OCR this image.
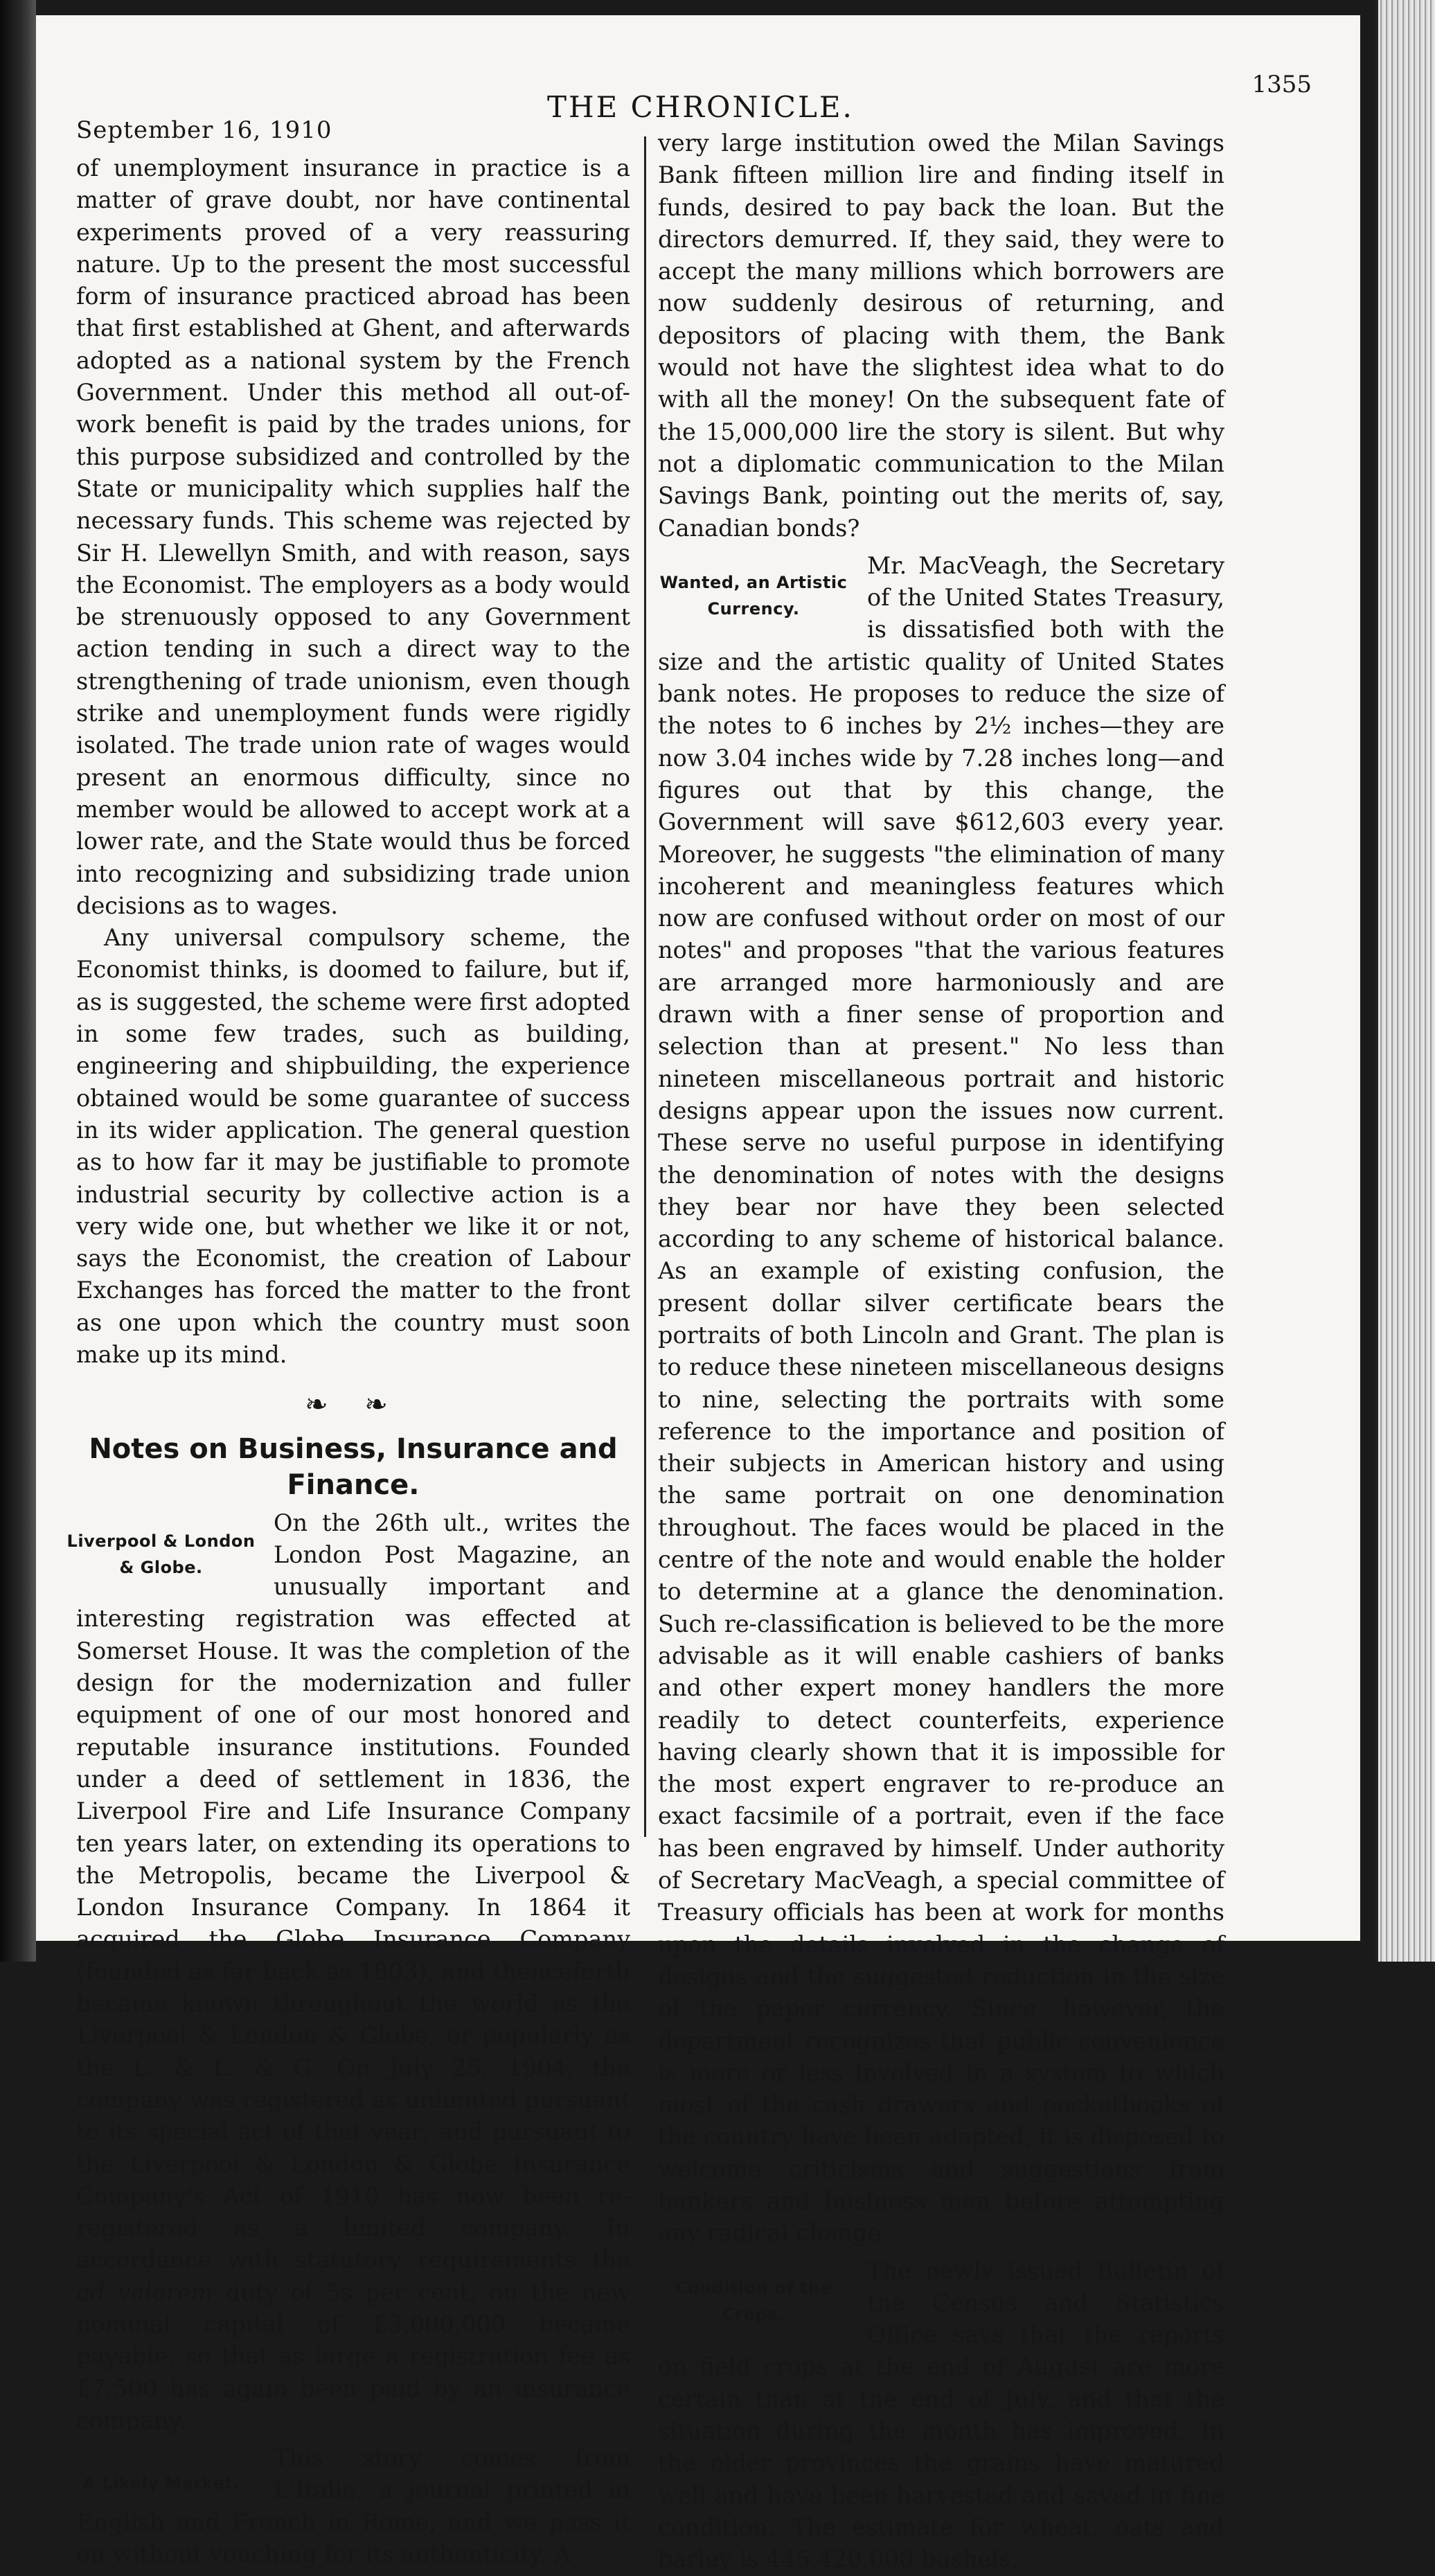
September 16, 1910
THE CHRONICLE.
1355

of unemployment insurance in practice is a matter of grave doubt, nor have continental experiments proved of a very reassuring nature. Up to the present the most successful form of insurance practiced abroad has been that first established at Ghent, and afterwards adopted as a national system by the French Government. Under this method all out-of-work benefit is paid by the trades unions, for this purpose subsidized and controlled by the State or municipality which supplies half the necessary funds. This scheme was rejected by Sir H. Llewellyn Smith, and with reason, says the Economist. The employers as a body would be strenuously opposed to any Government action tending in such a direct way to the strengthening of trade unionism, even though strike and unemployment funds were rigidly isolated. The trade union rate of wages would present an enormous difficulty, since no member would be allowed to accept work at a lower rate, and the State would thus be forced into recognizing and subsidizing trade union decisions as to wages.

Any universal compulsory scheme, the Economist thinks, is doomed to failure, but if, as is suggested, the scheme were first adopted in some few trades, such as building, engineering and shipbuilding, the experience obtained would be some guarantee of success in its wider application. The general question as to how far it may be justifiable to promote industrial security by collective action is a very wide one, but whether we like it or not, says the Economist, the creation of Labour Exchanges has forced the matter to the front as one upon which the country must soon make up its mind.

❧ ❧
Notes on Business, Insurance and Finance.
Liverpool & London & Globe.

On the 26th ult., writes the London Post Magazine, an unusually important and interesting registration was effected at Somerset House. It was the completion of the design for the modernization and fuller equipment of one of our most honored and reputable insurance institutions. Founded under a deed of settlement in 1836, the Liverpool Fire and Life Insurance Company ten years later, on extending its operations to the Metropolis, became the Liverpool & London Insurance Company. In 1864 it acquired the Globe Insurance Company (founded as far back as 1803), and thenceforth became known throughout the world as the Liverpool & London & Globe, or popularly as the L. & L. & G. On July 25, 1904, the company was registered as unlimited pursuant to its special act of that year; and pursuant to the Liverpool & London & Globe Insurance Company's Act of 1910 has now been re-registered as a limited company. In accordance with statutory requirements the ad valorem duty of 5s per cent. on the new nominal capital of £3,000,000 became payable, so that as large a registration fee as £7,500 has again been paid by an insurance company.

A Likely Market.

This story comes from L'Italie, a journal printed in English and French in Rome, and we pass it on without vouching for its authenticity. A

very large institution owed the Milan Savings Bank fifteen million lire and finding itself in funds, desired to pay back the loan. But the directors demurred. If, they said, they were to accept the many millions which borrowers are now suddenly desirous of returning, and depositors of placing with them, the Bank would not have the slightest idea what to do with all the money! On the subsequent fate of the 15,000,000 lire the story is silent. But why not a diplomatic communication to the Milan Savings Bank, pointing out the merits of, say, Canadian bonds?

Wanted, an Artistic Currency.

Mr. MacVeagh, the Secretary of the United States Treasury, is dissatisfied both with the size and the artistic quality of United States bank notes. He proposes to reduce the size of the notes to 6 inches by 2½ inches—they are now 3.04 inches wide by 7.28 inches long—and figures out that by this change, the Government will save $612,603 every year. Moreover, he suggests "the elimination of many incoherent and meaningless features which now are confused without order on most of our notes" and proposes "that the various features are arranged more harmoniously and are drawn with a finer sense of proportion and selection than at present." No less than nineteen miscellaneous portrait and historic designs appear upon the issues now current. These serve no useful purpose in identifying the denomination of notes with the designs they bear nor have they been selected according to any scheme of historical balance. As an example of existing confusion, the present dollar silver certificate bears the portraits of both Lincoln and Grant. The plan is to reduce these nineteen miscellaneous designs to nine, selecting the portraits with some reference to the importance and position of their subjects in American history and using the same portrait on one denomination throughout. The faces would be placed in the centre of the note and would enable the holder to determine at a glance the denomination. Such re-classification is believed to be the more advisable as it will enable cashiers of banks and other expert money handlers the more readily to detect counterfeits, experience having clearly shown that it is impossible for the most expert engraver to re-produce an exact facsimile of a portrait, even if the face has been engraved by himself. Under authority of Secretary MacVeagh, a special committee of Treasury officials has been at work for months upon the details involved in the change of designs and the suggested reduction in the size of the paper currency. Since, however, the department recognizes that public convenience is more or less involved in a system to which most of the cash drawers and pocketbooks of the country have been adapted, it is disposed to welcome criticisms and suggestions from bankers and business men before attempting any radical change.

Condition of the Crops.

The newly issued Bulletin of the Census and Statistics Office says that the reports on field crops at the end of August are more certain than at the end of July, and that the situation during the month has improved. In the older provinces the grains have matured well and have been harvested and saved in fine condition. The estimate for wheat, oats and barley is 445,420,000 bushels,
